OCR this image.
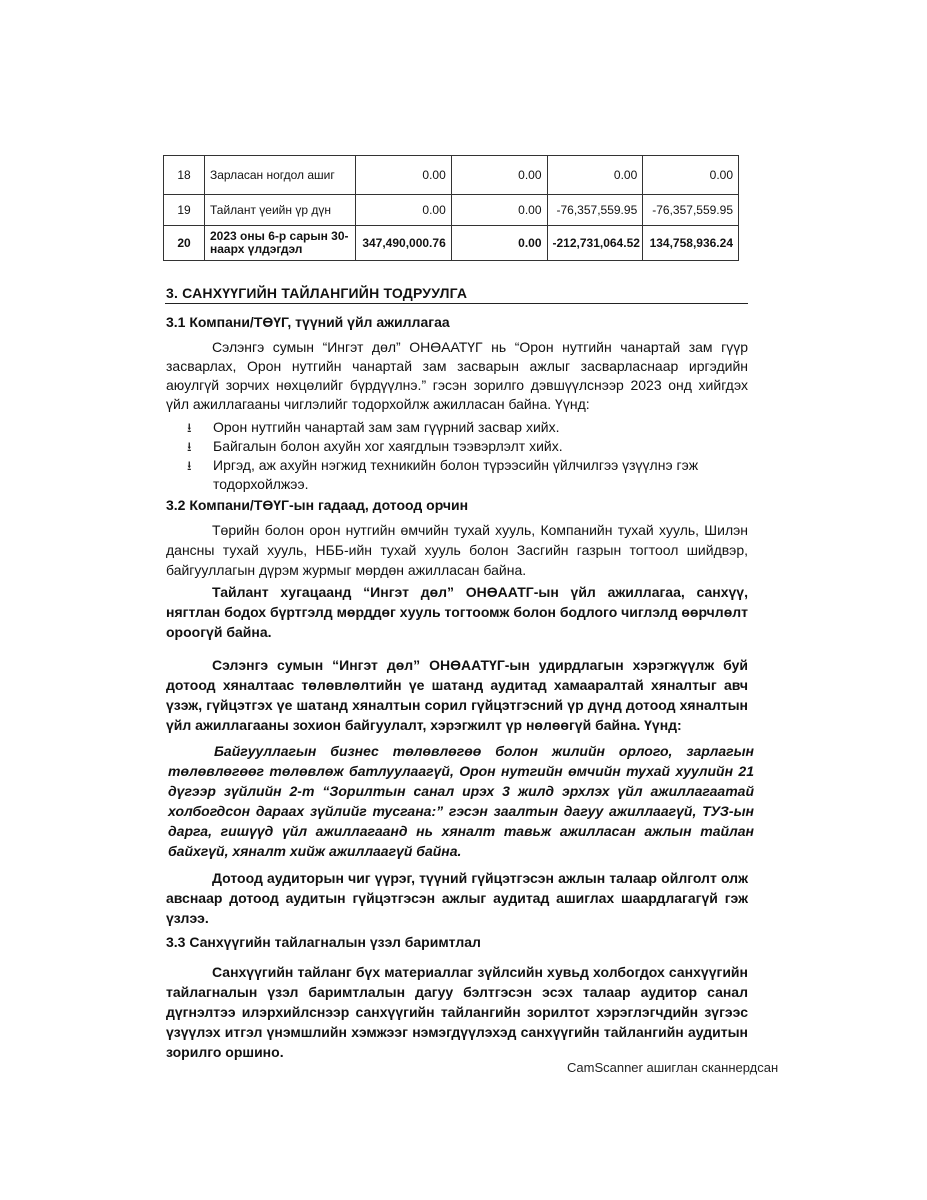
18	Зарласан ногдол ашиг	0.00	0.00	0.00	0.00
19	Тайлант үеийн үр дүн	0.00	0.00	-76,357,559.95	-76,357,559.95
20	2023 оны 6-р сарын 30-наарх үлдэгдэл	347,490,000.76	0.00	-212,731,064.52	134,758,936.24
3. САНХҮҮГИЙН ТАЙЛАНГИЙН ТОДРУУЛГА
3.1 Компани/ТӨҮГ, түүний үйл ажиллагаа
Сэлэнгэ сумын “Ингэт дөл” ОНӨААТҮГ нь “Орон нутгийн чанартай зам гүүр засварлах, Орон нутгийн чанартай зам засварын ажлыг засварласнаар иргэдийн аюулгүй зорчих нөхцөлийг бүрдүүлнэ.” гэсэн зорилго дэвшүүлснээр 2023 онд хийгдэх үйл ажиллагааны чиглэлийг тодорхойлж ажилласан байна. Үүнд:
⭳ Орон нутгийн чанартай зам зам гүүрний засвар хийх.
⭳ Байгалын болон ахуйн хог хаягдлын тээвэрлэлт хийх.
⭳ Иргэд, аж ахуйн нэгжид техникийн болон түрээсийн үйлчилгээ үзүүлнэ гэж тодорхойлжээ.
3.2 Компани/ТӨҮГ-ын гадаад, дотоод орчин
Төрийн болон орон нутгийн өмчийн тухай хууль, Компанийн тухай хууль, Шилэн дансны тухай хууль, НББ-ийн тухай хууль болон Засгийн газрын тогтоол шийдвэр, байгууллагын дүрэм журмыг мөрдөн ажилласан байна.
Тайлант хугацаанд “Ингэт дөл” ОНӨААТГ-ын үйл ажиллагаа, санхүү, нягтлан бодох бүртгэлд мөрддөг хууль тогтоомж болон бодлого чиглэлд өөрчлөлт ороогүй байна.
Сэлэнгэ сумын “Ингэт дөл” ОНӨААТҮГ-ын удирдлагын хэрэгжүүлж буй дотоод хяналтаас төлөвлөлтийн үе шатанд аудитад хамааралтай хяналтыг авч үзэж, гүйцэтгэх үе шатанд хяналтын сорил гүйцэтгэсний үр дүнд дотоод хяналтын үйл ажиллагааны зохион байгуулалт, хэрэгжилт үр нөлөөгүй байна. Үүнд:
Байгууллагын бизнес төлөвлөгөө болон жилийн орлого, зарлагын төлөвлөгөөг төлөвлөж батлуулаагүй, Орон нутгийн өмчийн тухай хуулийн 21 дүгээр зүйлийн 2-т “Зорилтын санал ирэх 3 жилд эрхлэх үйл ажиллагаатай холбогдсон дараах зүйлийг тусгана:” гэсэн заалтын дагуу ажиллаагүй, ТУЗ-ын дарга, гишүүд үйл ажиллагаанд нь хяналт тавьж ажилласан ажлын тайлан байхгүй, хяналт хийж ажиллаагүй байна.
Дотоод аудиторын чиг үүрэг, түүний гүйцэтгэсэн ажлын талаар ойлголт олж авснаар дотоод аудитын гүйцэтгэсэн ажлыг аудитад ашиглах шаардлагагүй гэж үзлээ.
3.3 Санхүүгийн тайлагналын үзэл баримтлал
Санхүүгийн тайланг бүх материаллаг зүйлсийн хувьд холбогдох санхүүгийн тайлагналын үзэл баримтлалын дагуу бэлтгэсэн эсэх талаар аудитор санал дүгнэлтээ илэрхийлснээр санхүүгийн тайлангийн зорилтот хэрэглэгчдийн зүгээс үзүүлэх итгэл үнэмшлийн хэмжээг нэмэгдүүлэхэд санхүүгийн тайлангийн аудитын зорилго оршино.
CamScanner ашиглан сканнердсан
